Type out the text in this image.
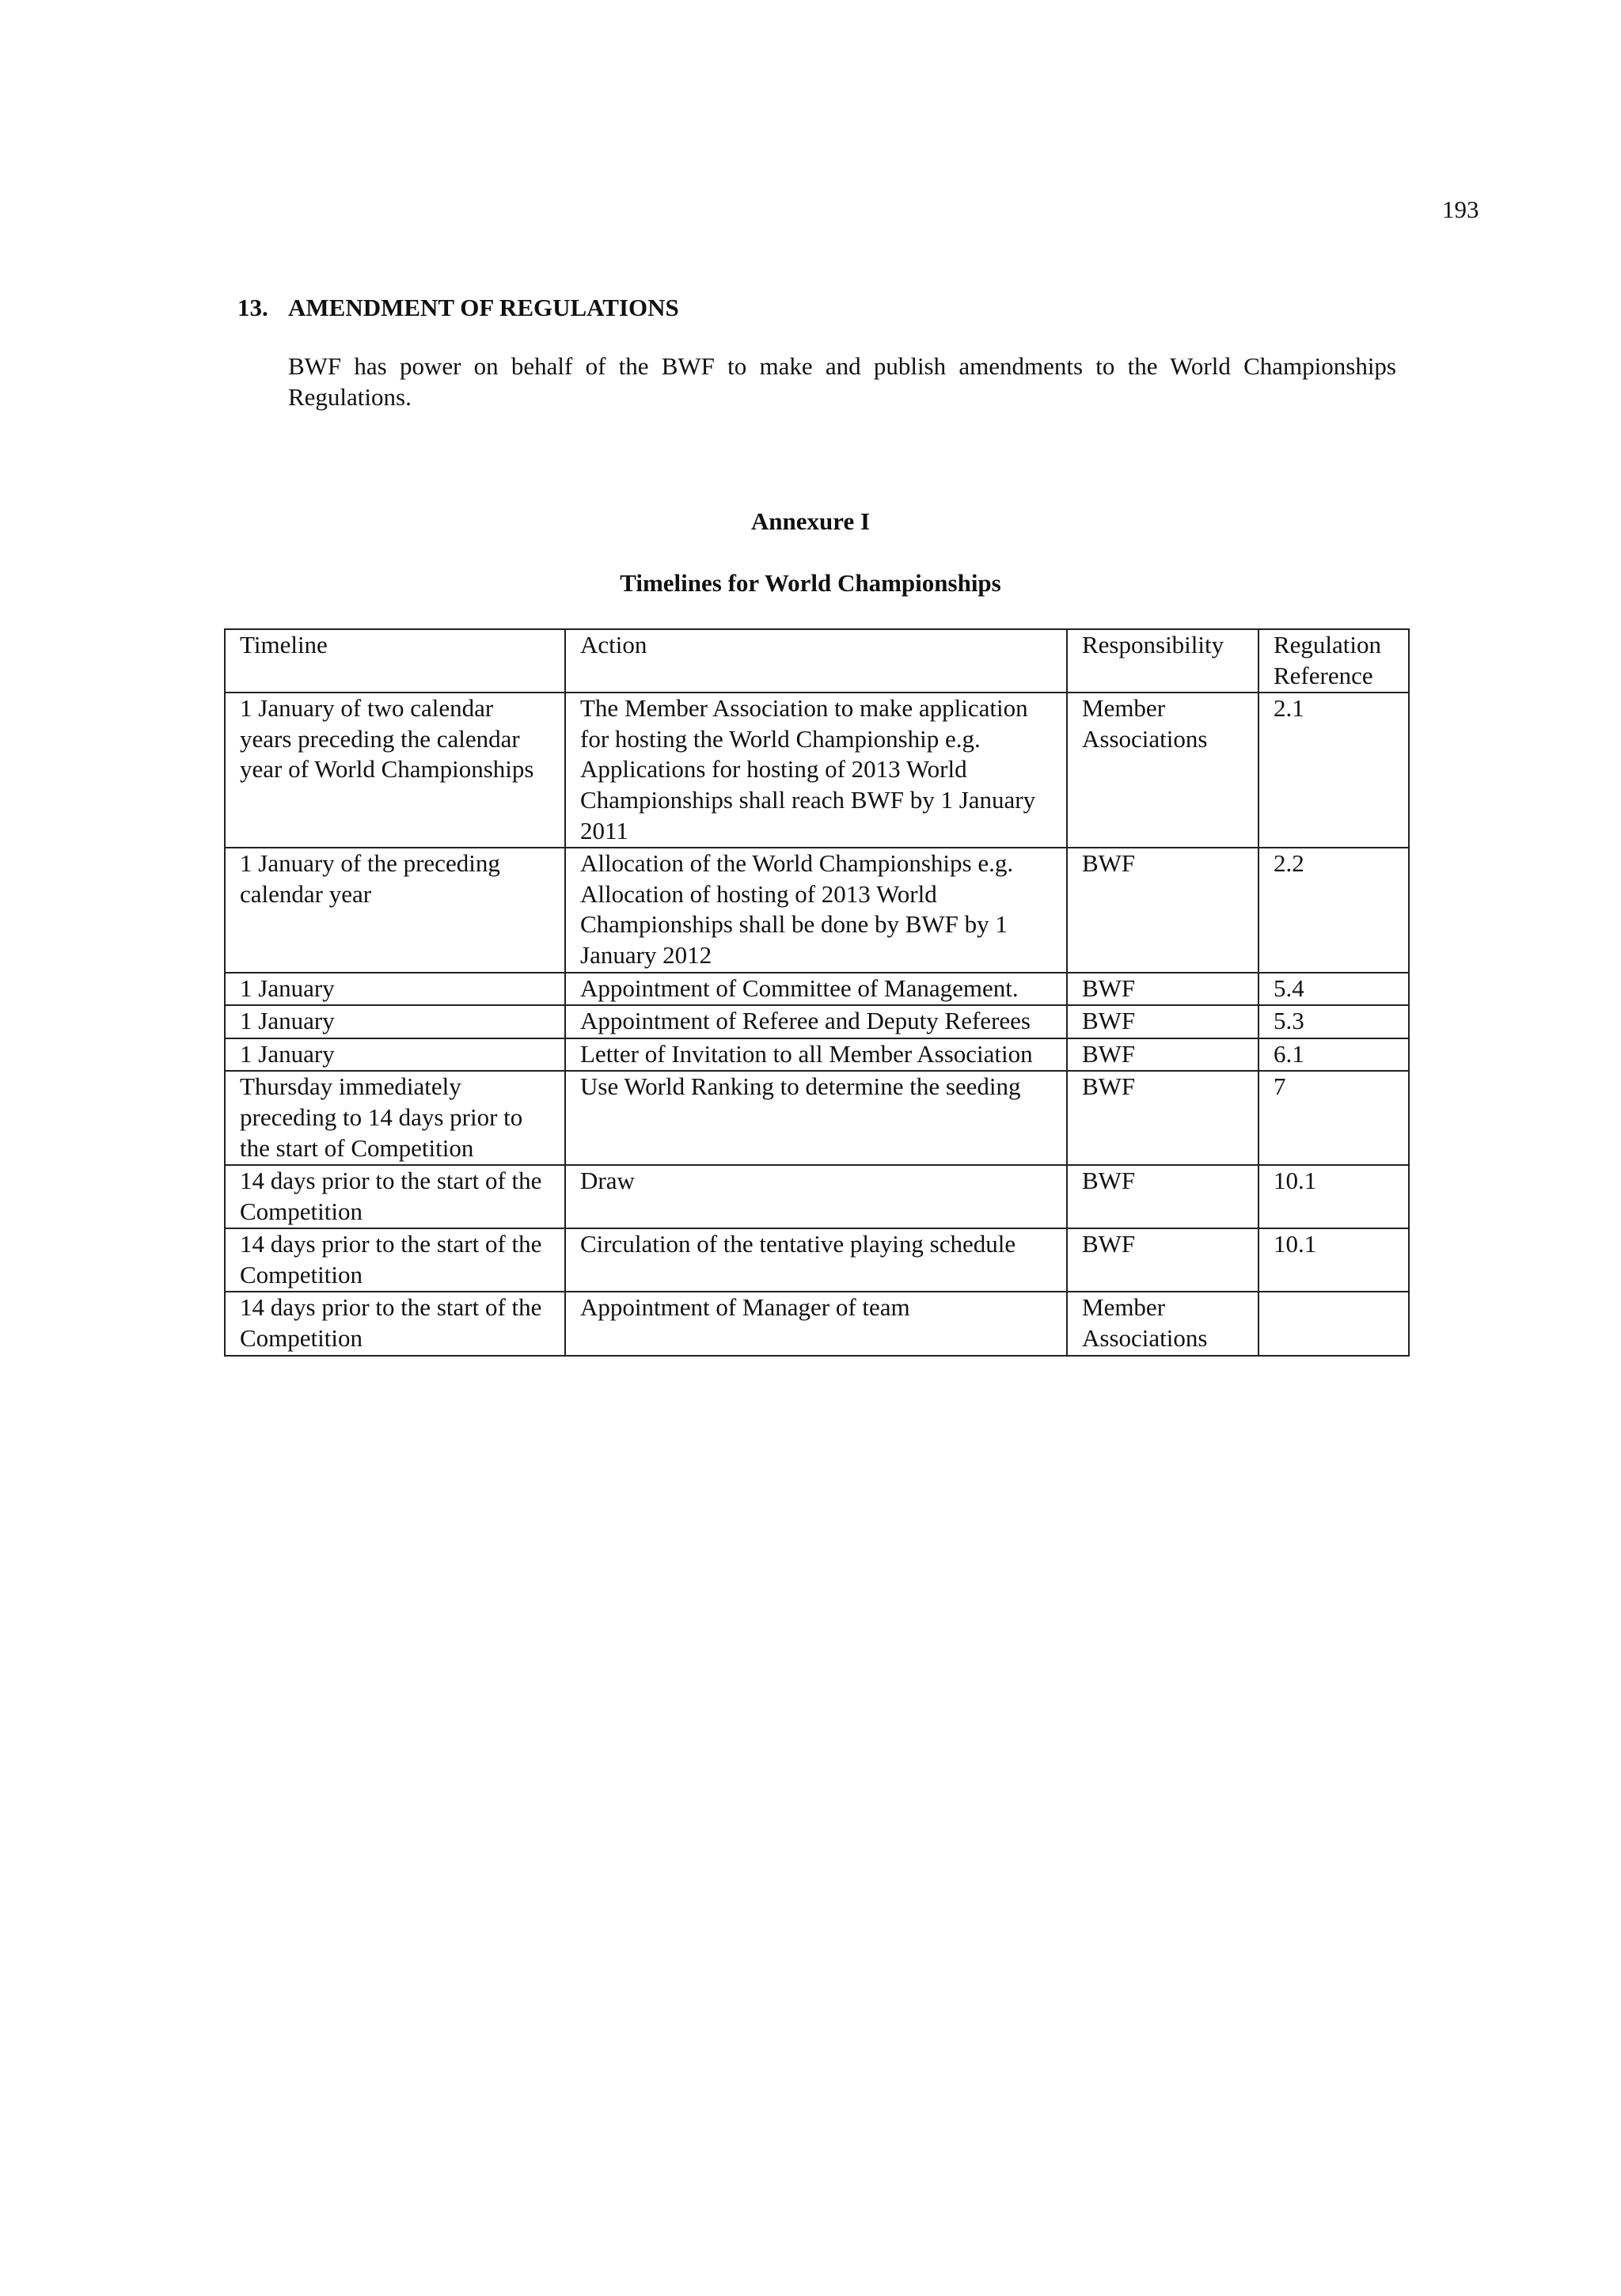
193
13. AMENDMENT OF REGULATIONS
BWF has power on behalf of the BWF to make and publish amendments to the World Championships Regulations.
Annexure I
Timelines for World Championships
Timeline	Action	Responsibility	Regulation Reference
1 January of two calendar years preceding the calendar year of World Championships	The Member Association to make application for hosting the World Championship e.g. Applications for hosting of 2013 World Championships shall reach BWF by 1 January 2011	Member Associations	2.1
1 January of the preceding calendar year	Allocation of the World Championships e.g. Allocation of hosting of 2013 World Championships shall be done by BWF by 1 January 2012	BWF	2.2
1 January	Appointment of Committee of Management.	BWF	5.4
1 January	Appointment of Referee and Deputy Referees	BWF	5.3
1 January	Letter of Invitation to all Member Association	BWF	6.1
Thursday immediately preceding to 14 days prior to the start of Competition	Use World Ranking to determine the seeding	BWF	7
14 days prior to the start of the Competition	Draw	BWF	10.1
14 days prior to the start of the Competition	Circulation of the tentative playing schedule	BWF	10.1
14 days prior to the start of the Competition	Appointment of Manager of team	Member Associations	
